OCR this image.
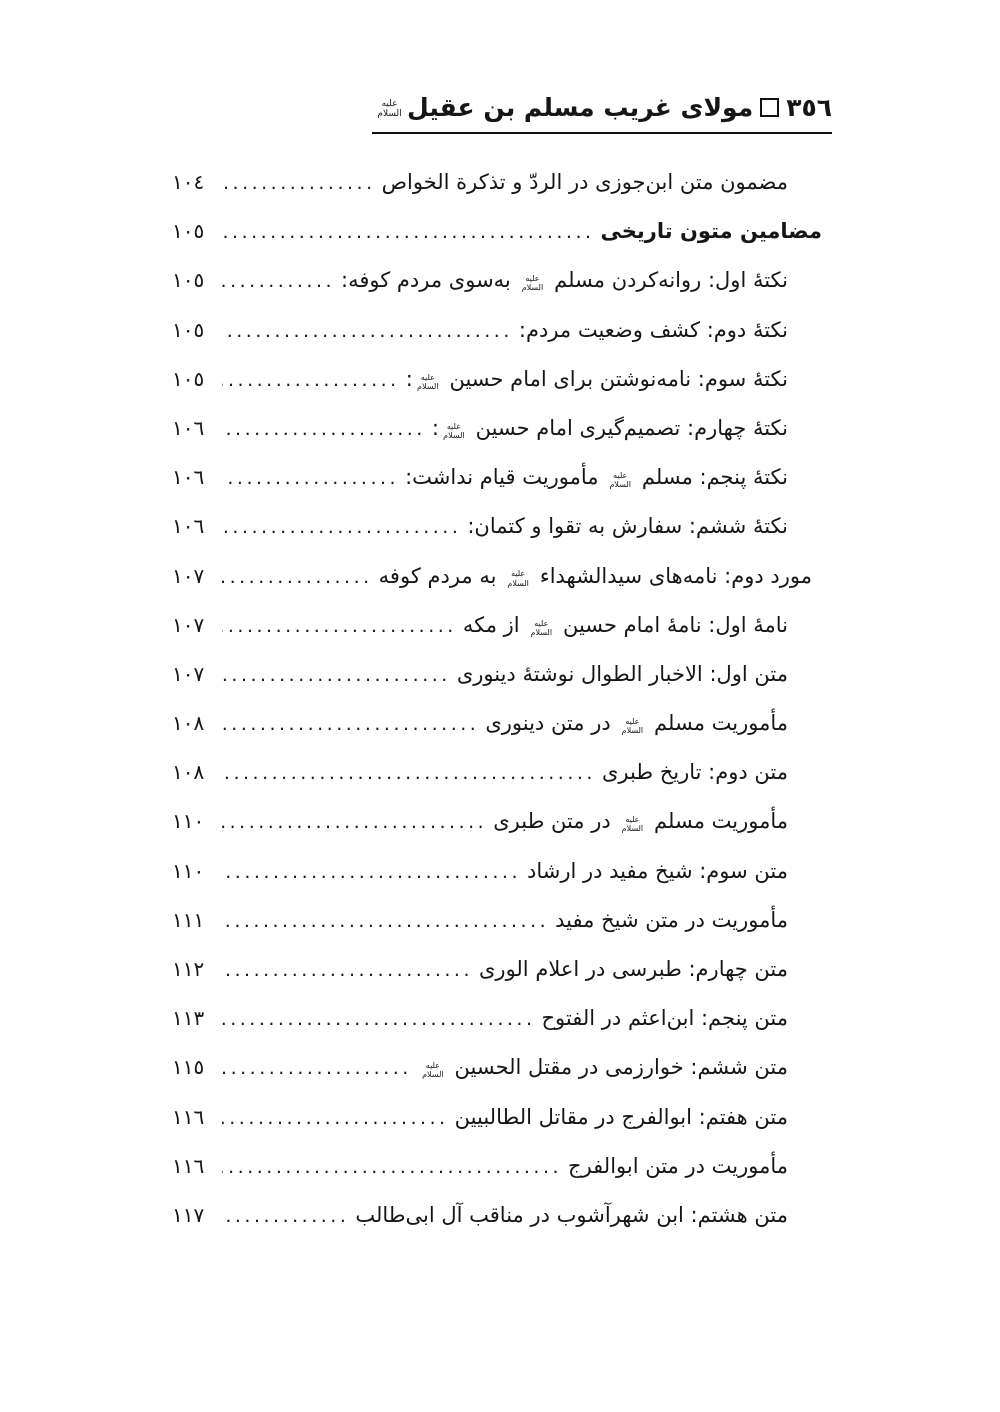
٣٥٦مولای غریب مسلم بن عقیلعلیه السلام
مضمون متن ابن‌جوزی در الردّ و تذکرة الخواص
.....
١٠٤
مضامین متون تاریخی
.....
١٠٥
نکتۀ اول: روانه‌کردن مسلم علیه السلام به‌سوی مردم کوفه:
.....
١٠٥
نکتۀ دوم: کشف وضعیت مردم:
.....
١٠٥
نکتۀ سوم: نامه‌نوشتن برای امام حسین علیه السلام:
.....
١٠٥
نکتۀ چهارم: تصمیم‌گیری امام حسین علیه السلام:
.....
١٠٦
نکتۀ پنجم: مسلم علیه السلام مأموریت قیام نداشت:
.....
١٠٦
نکتۀ ششم: سفارش به تقوا و کتمان:
.....
١٠٦
مورد دوم: نامه‌های سیدالشهداء علیه السلام به مردم کوفه
.....
١٠٧
نامۀ اول: نامۀ امام حسین علیه السلام از مکه
.....
١٠٧
متن اول: الاخبار الطوال نوشتۀ دینوری
.....
١٠٧
مأموریت مسلم علیه السلام در متن دینوری
.....
١٠٨
متن دوم: تاریخ طبری
.....
١٠٨
مأموریت مسلم علیه السلام در متن طبری
.....
١١٠
متن سوم: شیخ مفید در ارشاد
.....
١١٠
مأموریت در متن شیخ مفید
.....
١١١
متن چهارم: طبرسی در اعلام الوری
.....
١١٢
متن پنجم: ابن‌اعثم در الفتوح
.....
١١٣
متن ششم: خوارزمی در مقتل الحسین علیه السلام
.....
١١٥
متن هفتم: ابوالفرج در مقاتل الطالبیین
.....
١١٦
مأموریت در متن ابوالفرج
.....
١١٦
متن هشتم: ابن شهرآشوب در مناقب آل ابی‌طالب
.....
١١٧
